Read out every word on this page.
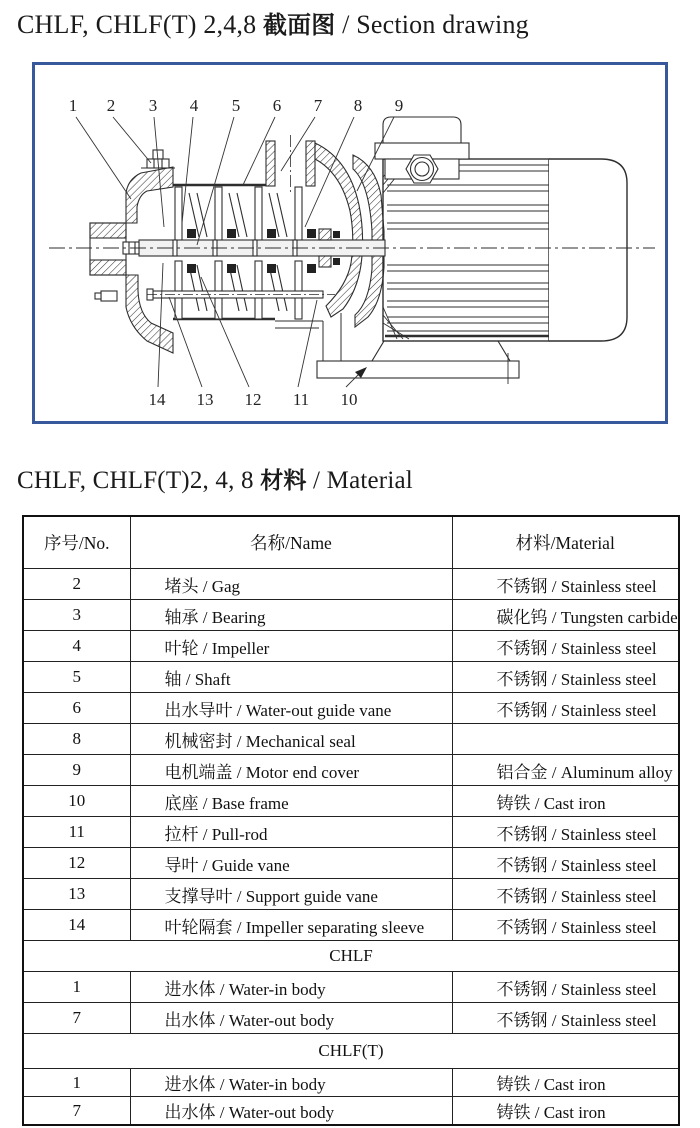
CHLF, CHLF(T) 2,4,8 截面图 / Section drawing
1 2 3 4 5 6 7 8 9
14 13 12 11 10
CHLF, CHLF(T)2, 4, 8 材料 / Material
序号/No.	名称/Name	材料/Material
2	堵头 / Gag	不锈钢 / Stainless steel
3	轴承 / Bearing	碳化钨 / Tungsten carbide
4	叶轮 / Impeller	不锈钢 / Stainless steel
5	轴 / Shaft	不锈钢 / Stainless steel
6	出水导叶 / Water-out guide vane	不锈钢 / Stainless steel
8	机械密封 / Mechanical seal	
9	电机端盖 / Motor end cover	铝合金 / Aluminum alloy
10	底座 / Base frame	铸铁 / Cast iron
11	拉杆 / Pull-rod	不锈钢 / Stainless steel
12	导叶 / Guide vane	不锈钢 / Stainless steel
13	支撑导叶 / Support guide vane	不锈钢 / Stainless steel
14	叶轮隔套 / Impeller separating sleeve	不锈钢 / Stainless steel
CHLF		
1	进水体 / Water-in body	不锈钢 / Stainless steel
7	出水体 / Water-out body	不锈钢 / Stainless steel
CHLF(T)		
1	进水体 / Water-in body	铸铁 / Cast iron
7	出水体 / Water-out body	铸铁 / Cast iron
